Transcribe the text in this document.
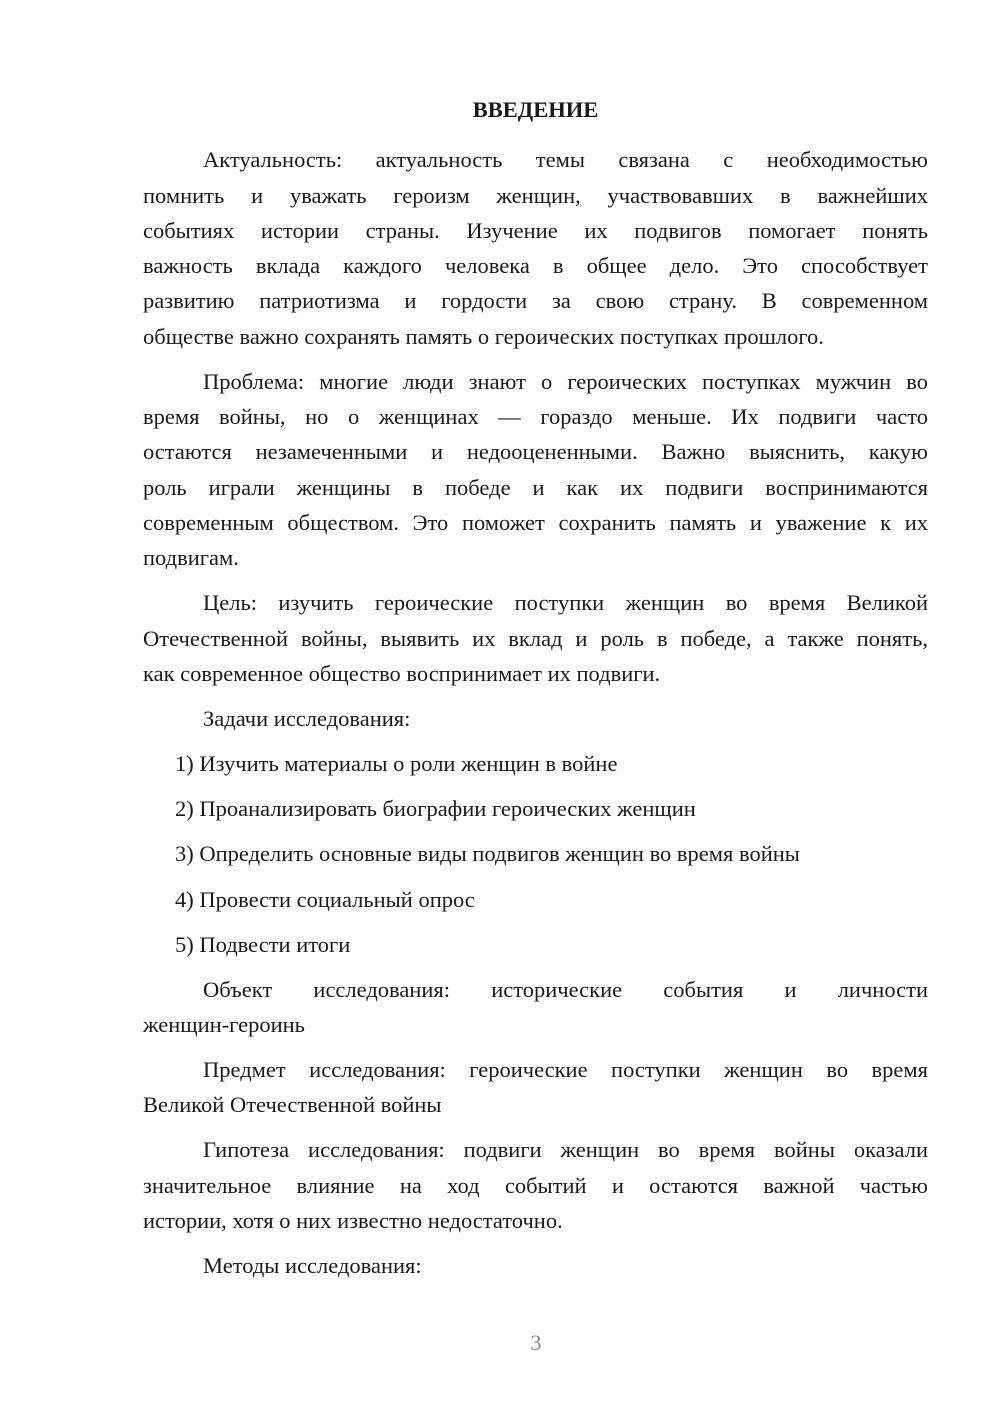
ВВЕДЕНИЕ
Актуальность: актуальность темы связана с необходимостью
помнить и уважать героизм женщин, участвовавших в важнейших
событиях истории страны. Изучение их подвигов помогает понять
важность вклада каждого человека в общее дело. Это способствует
развитию патриотизма и гордости за свою страну. В современном
обществе важно сохранять память о героических поступках прошлого.
Проблема: многие люди знают о героических поступках мужчин во
время войны, но о женщинах — гораздо меньше. Их подвиги часто
остаются незамеченными и недооцененными. Важно выяснить, какую
роль играли женщины в победе и как их подвиги воспринимаются
современным обществом. Это поможет сохранить память и уважение к их
подвигам.
Цель: изучить героические поступки женщин во время Великой
Отечественной войны, выявить их вклад и роль в победе, а также понять,
как современное общество воспринимает их подвиги.
Задачи исследования:
1) Изучить материалы о роли женщин в войне
2) Проанализировать биографии героических женщин
3) Определить основные виды подвигов женщин во время войны
4) Провести социальный опрос
5) Подвести итоги
Объект исследования: исторические события и личности
женщин-героинь
Предмет исследования: героические поступки женщин во время
Великой Отечественной войны
Гипотеза исследования: подвиги женщин во время войны оказали
значительное влияние на ход событий и остаются важной частью
истории, хотя о них известно недостаточно.
Методы исследования:
3
